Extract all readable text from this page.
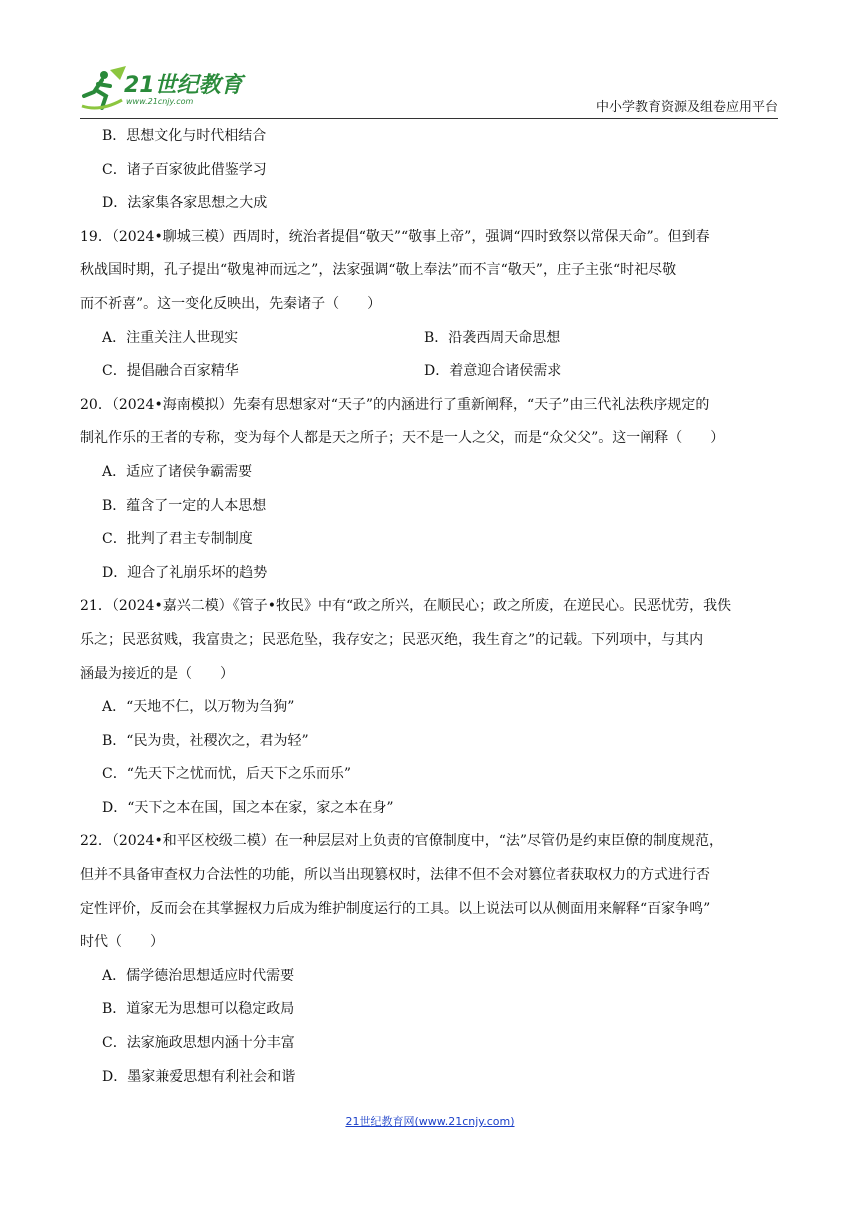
21世纪教育
www.21cnjy.com	中小学教育资源及组卷应用平台
B．思想文化与时代相结合
C．诸子百家彼此借鉴学习
D．法家集各家思想之大成
19．（2024•聊城三模）西周时，统治者提倡“敬天”“敬事上帝”，强调“四时致祭以常保天命”。但到春
秋战国时期，孔子提出“敬鬼神而远之”，法家强调“敬上奉法”而不言“敬天”，庄子主张“时祀尽敬
而不祈喜”。这一变化反映出，先秦诸子（　　）
A．注重关注人世现实	B．沿袭西周天命思想
C．提倡融合百家精华	D．着意迎合诸侯需求
20．（2024•海南模拟）先秦有思想家对“天子”的内涵进行了重新阐释，“天子”由三代礼法秩序规定的
制礼作乐的王者的专称，变为每个人都是天之所子；天不是一人之父，而是“众父父”。这一阐释（　　）
A．适应了诸侯争霸需要
B．蕴含了一定的人本思想
C．批判了君主专制制度
D．迎合了礼崩乐坏的趋势
21．（2024•嘉兴二模）《管子•牧民》中有“政之所兴，在顺民心；政之所废，在逆民心。民恶忧劳，我佚
乐之；民恶贫贱，我富贵之；民恶危坠，我存安之；民恶灭绝，我生育之”的记载。下列项中，与其内
涵最为接近的是（　　）
A．“天地不仁，以万物为刍狗”
B．“民为贵，社稷次之，君为轻”
C．“先天下之忧而忧，后天下之乐而乐”
D．“天下之本在国，国之本在家，家之本在身”
22．（2024•和平区校级二模）在一种层层对上负责的官僚制度中，“法”尽管仍是约束臣僚的制度规范，
但并不具备审查权力合法性的功能，所以当出现篡权时，法律不但不会对篡位者获取权力的方式进行否
定性评价，反而会在其掌握权力后成为维护制度运行的工具。以上说法可以从侧面用来解释“百家争鸣”
时代（　　）
A．儒学德治思想适应时代需要
B．道家无为思想可以稳定政局
C．法家施政思想内涵十分丰富
D．墨家兼爱思想有利社会和谐
21世纪教育网(www.21cnjy.com)
